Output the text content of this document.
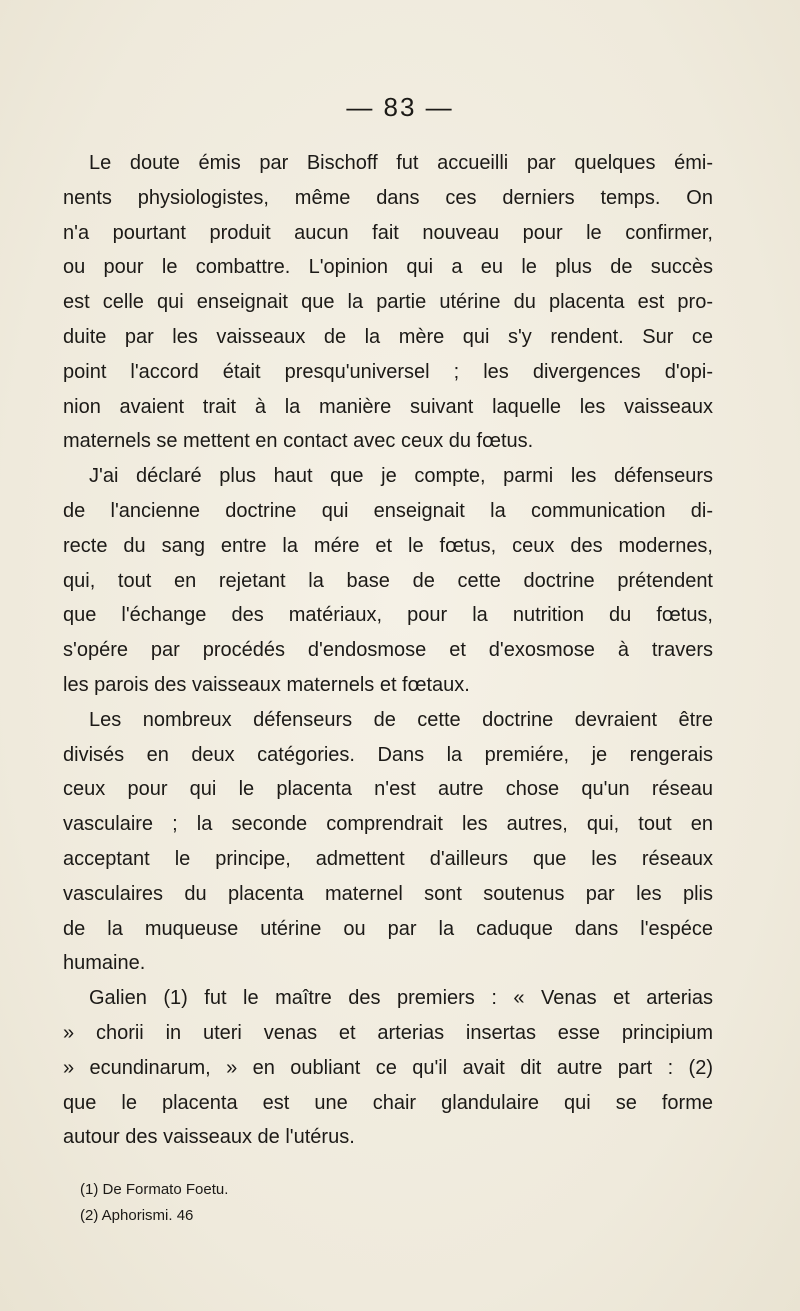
— 83 —
Le doute émis par Bischoff fut accueilli par quelques émi-
nents physiologistes, même dans ces derniers temps. On
n'a pourtant produit aucun fait nouveau pour le confirmer,
ou pour le combattre. L'opinion qui a eu le plus de succès
est celle qui enseignait que la partie utérine du placenta est pro-
duite par les vaisseaux de la mère qui s'y rendent. Sur ce
point l'accord était presqu'universel ; les divergences d'opi-
nion avaient trait à la manière suivant laquelle les vaisseaux
maternels se mettent en contact avec ceux du fœtus.
J'ai déclaré plus haut que je compte, parmi les défenseurs
de l'ancienne doctrine qui enseignait la communication di-
recte du sang entre la mére et le fœtus, ceux des modernes,
qui, tout en rejetant la base de cette doctrine prétendent
que l'échange des matériaux, pour la nutrition du fœtus,
s'opére par procédés d'endosmose et d'exosmose à travers
les parois des vaisseaux maternels et fœtaux.
Les nombreux défenseurs de cette doctrine devraient être
divisés en deux catégories. Dans la premiére, je rengerais
ceux pour qui le placenta n'est autre chose qu'un réseau
vasculaire ; la seconde comprendrait les autres, qui, tout en
acceptant le principe, admettent d'ailleurs que les réseaux
vasculaires du placenta maternel sont soutenus par les plis
de la muqueuse utérine ou par la caduque dans l'espéce
humaine.
Galien (1) fut le maître des premiers : « Venas et arterias
» chorii in uteri venas et arterias insertas esse principium
» ecundinarum, » en oubliant ce qu'il avait dit autre part : (2)
que le placenta est une chair glandulaire qui se forme
autour des vaisseaux de l'utérus.
(1) De Formato Foetu.
(2) Aphorismi. 46
